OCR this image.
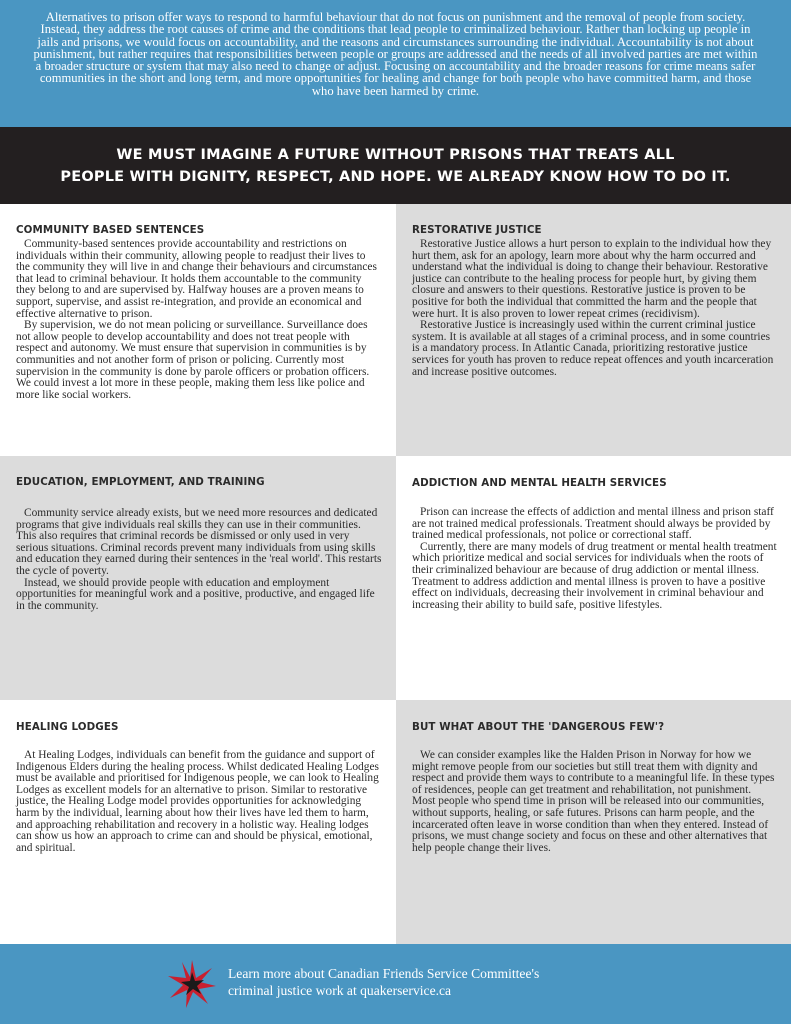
Alternatives to prison offer ways to respond to harmful behaviour that do not focus on punishment and the removal of people from society. Instead, they address the root causes of crime and the conditions that lead people to criminalized behaviour. Rather than locking up people in jails and prisons, we would focus on accountability, and the reasons and circumstances surrounding the individual. Accountability is not about punishment, but rather requires that responsibilities between people or groups are addressed and the needs of all involved parties are met within a broader structure or system that may also need to change or adjust. Focusing on accountability and the broader reasons for crime means safer communities in the short and long term, and more opportunities for healing and change for both people who have committed harm, and those who have been harmed by crime.
WE MUST IMAGINE A FUTURE WITHOUT PRISONS THAT TREATS ALL
PEOPLE WITH DIGNITY, RESPECT, AND HOPE. WE ALREADY KNOW HOW TO DO IT.
COMMUNITY BASED SENTENCES

Community-based sentences provide accountability and restrictions on individuals within their community, allowing people to readjust their lives to the community they will live in and change their behaviours and circumstances that lead to criminal behaviour. It holds them accountable to the community they belong to and are supervised by. Halfway houses are a proven means to support, supervise, and assist re-integration, and provide an economical and effective alternative to prison.

By supervision, we do not mean policing or surveillance. Surveillance does not allow people to develop accountability and does not treat people with respect and autonomy. We must ensure that supervision in communities is by communities and not another form of prison or policing. Currently most supervision in the community is done by parole officers or probation officers. We could invest a lot more in these people, making them less like police and more like social workers.

RESTORATIVE JUSTICE

Restorative Justice allows a hurt person to explain to the individual how they hurt them, ask for an apology, learn more about why the harm occurred and understand what the individual is doing to change their behaviour. Restorative justice can contribute to the healing process for people hurt, by giving them closure and answers to their questions. Restorative justice is proven to be positive for both the individual that committed the harm and the people that were hurt. It is also proven to lower repeat crimes (recidivism).

Restorative Justice is increasingly used within the current criminal justice system. It is available at all stages of a criminal process, and in some countries is a mandatory process. In Atlantic Canada, prioritizing restorative justice services for youth has proven to reduce repeat offences and youth incarceration and increase positive outcomes.

EDUCATION, EMPLOYMENT, AND TRAINING

Community service already exists, but we need more resources and dedicated programs that give individuals real skills they can use in their communities. This also requires that criminal records be dismissed or only used in very serious situations. Criminal records prevent many individuals from using skills and education they earned during their sentences in the 'real world'. This restarts the cycle of poverty.

Instead, we should provide people with education and employment opportunities for meaningful work and a positive, productive, and engaged life in the community.

ADDICTION AND MENTAL HEALTH SERVICES

Prison can increase the effects of addiction and mental illness and prison staff are not trained medical professionals. Treatment should always be provided by trained medical professionals, not police or correctional staff.

Currently, there are many models of drug treatment or mental health treatment which prioritize medical and social services for individuals when the roots of their criminalized behaviour are because of drug addiction or mental illness. Treatment to address addiction and mental illness is proven to have a positive effect on individuals, decreasing their involvement in criminal behaviour and increasing their ability to build safe, positive lifestyles.

HEALING LODGES

At Healing Lodges, individuals can benefit from the guidance and support of Indigenous Elders during the healing process. Whilst dedicated Healing Lodges must be available and prioritised for Indigenous people, we can look to Healing Lodges as excellent models for an alternative to prison. Similar to restorative justice, the Healing Lodge model provides opportunities for acknowledging harm by the individual, learning about how their lives have led them to harm, and approaching rehabilitation and recovery in a holistic way. Healing lodges can show us how an approach to crime can and should be physical, emotional, and spiritual.

BUT WHAT ABOUT THE 'DANGEROUS FEW'?

We can consider examples like the Halden Prison in Norway for how we might remove people from our societies but still treat them with dignity and respect and provide them ways to contribute to a meaningful life. In these types of residences, people can get treatment and rehabilitation, not punishment. Most people who spend time in prison will be released into our communities, without supports, healing, or safe futures. Prisons can harm people, and the incarcerated often leave in worse condition than when they entered. Instead of prisons, we must change society and focus on these and other alternatives that help people change their lives.

Learn more about Canadian Friends Service Committee's
criminal justice work at quakerservice.ca
